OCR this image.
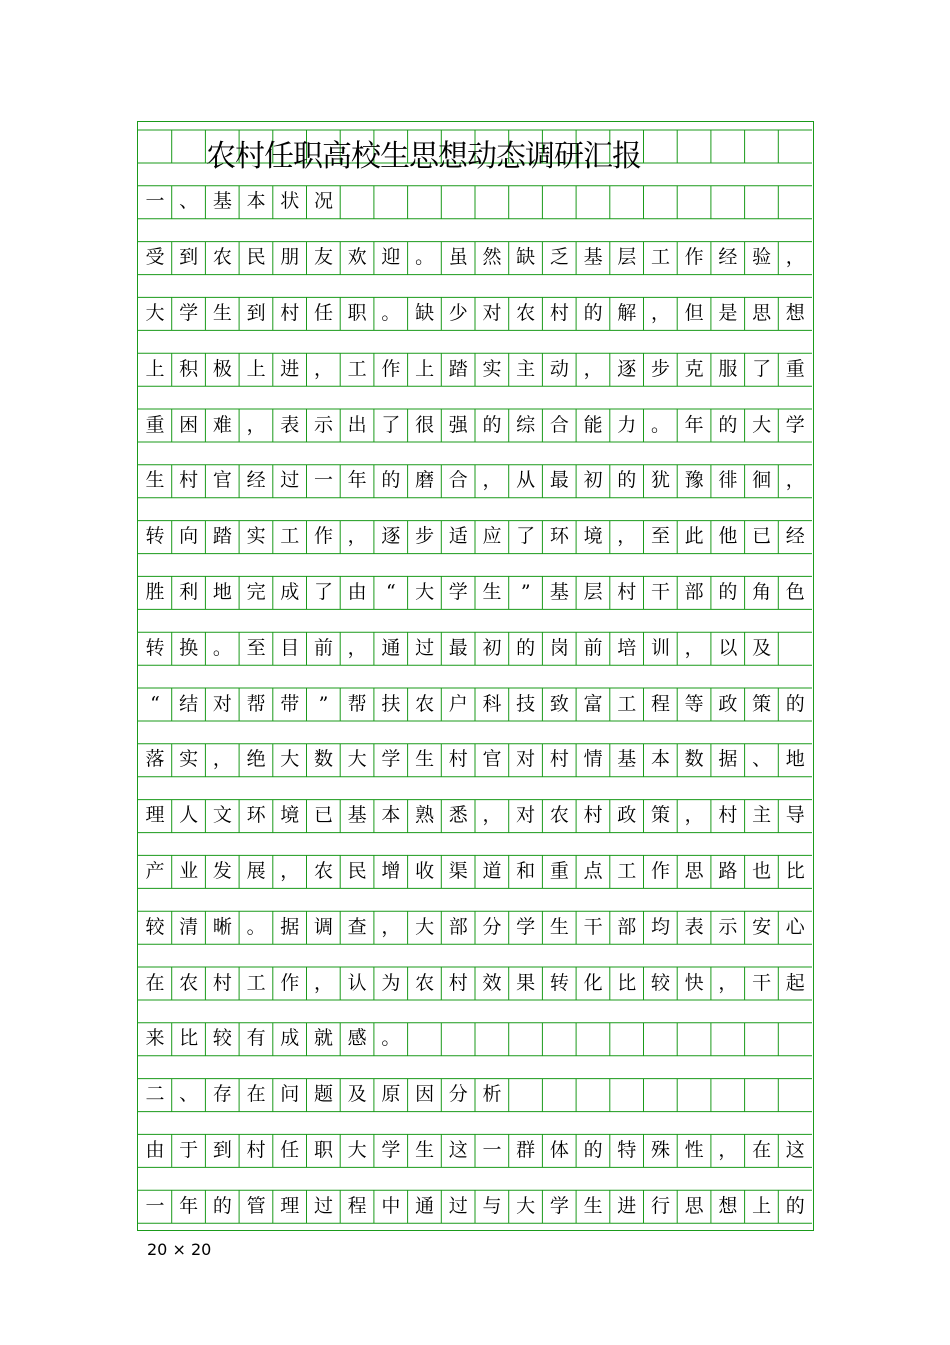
农村任职高校生思想动态调研汇报
一 、 基 本 状 况
受 到 农 民 朋 友 欢 迎 。 虽 然 缺 乏 基 层 工 作 经 验 ，
大 学 生 到 村 任 职 。 缺 少 对 农 村 的 解 ， 但 是 思 想
上 积 极 上 进 ， 工 作 上 踏 实 主 动 ， 逐 步 克 服 了 重
重 困 难 ， 表 示 出 了 很 强 的 综 合 能 力 。 年 的 大 学
生 村 官 经 过 一 年 的 磨 合 ， 从 最 初 的 犹 豫 徘 徊 ，
转 向 踏 实 工 作 ， 逐 步 适 应 了 环 境 ， 至 此 他 已 经
胜 利 地 完 成 了 由	“	大 学 生	”	基 层 村 干 部 的 角 色
转 换 。 至 目 前 ， 通 过 最 初 的 岗 前 培 训 ， 以 及
“	结 对 帮 带	”	帮 扶 农 户 科 技 致 富 工 程 等 政 策 的
落 实 ， 绝 大 数 大 学 生 村 官 对 村 情 基 本 数 据 、 地
理 人 文 环 境 已 基 本 熟 悉 ， 对 农 村 政 策 ， 村 主 导
产 业 发 展 ， 农 民 增 收 渠 道 和 重 点 工 作 思 路 也 比
较 清 晰 。 据 调 查 ， 大 部 分 学 生 干 部 均 表 示 安 心
在 农 村 工 作 ， 认 为 农 村 效 果 转 化 比 较 快 ， 干 起
来 比 较 有 成 就 感 。
二 、 存 在 问 题 及 原 因 分 析
由 于 到 村 任 职 大 学 生 这 一 群 体 的 特 殊 性 ， 在 这
一 年 的 管 理 过 程 中 通 过 与 大 学 生 进 行 思 想 上 的
20 × 20
